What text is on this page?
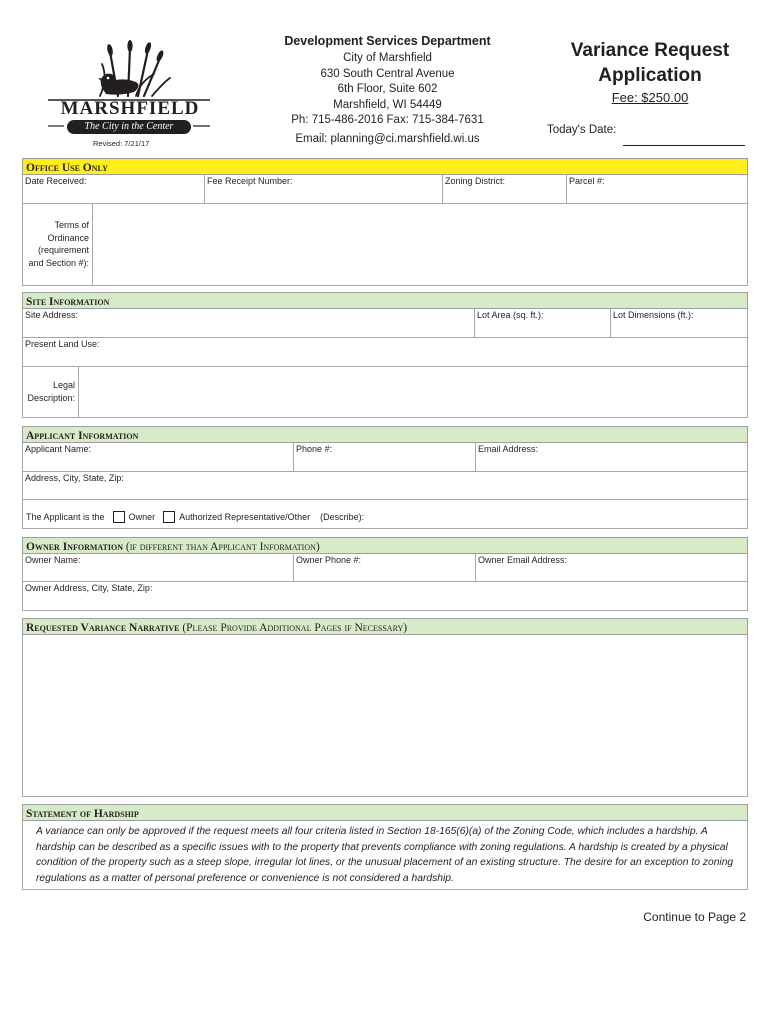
MARSHFIELD
The City in the Center
Revised: 7/21/17
Development Services Department
City of Marshfield
630 South Central Avenue
6th Floor, Suite 602
Marshfield, WI 54449
Ph: 715-486-2016 Fax: 715-384-7631
Email: planning@ci.marshfield.wi.us
Variance Request
Application
Fee: $250.00
Today's Date:
Office Use Only
Date Received:	Fee Receipt Number:	Zoning District:	Parcel #:
Terms of
Ordinance
(requirement
and Section #):
Site Information
Site Address:	Lot Area (sq. ft.):	Lot Dimensions (ft.):
Present Land Use:
Legal
Description:
Applicant Information
Applicant Name:	Phone #:	Email Address:
Address, City, State, Zip:
The Applicant is the	Owner	Authorized Representative/Other (Describe):
Owner Information (if different than Applicant Information)
Owner Name:	Owner Phone #:	Owner Email Address:
Owner Address, City, State, Zip:
Requested Variance Narrative (Please Provide Additional Pages if Necessary)
Statement of Hardship
A variance can only be approved if the request meets all four criteria listed in Section 18-165(6)(a) of the Zoning Code, which includes a hardship. A hardship can be described as a specific issues with to the property that prevents compliance with zoning regulations. A hardship is created by a physical condition of the property such as a steep slope, irregular lot lines, or the unusual placement of an existing structure. The desire for an exception to zoning regulations as a matter of personal preference or convenience is not considered a hardship.
Continue to Page 2
